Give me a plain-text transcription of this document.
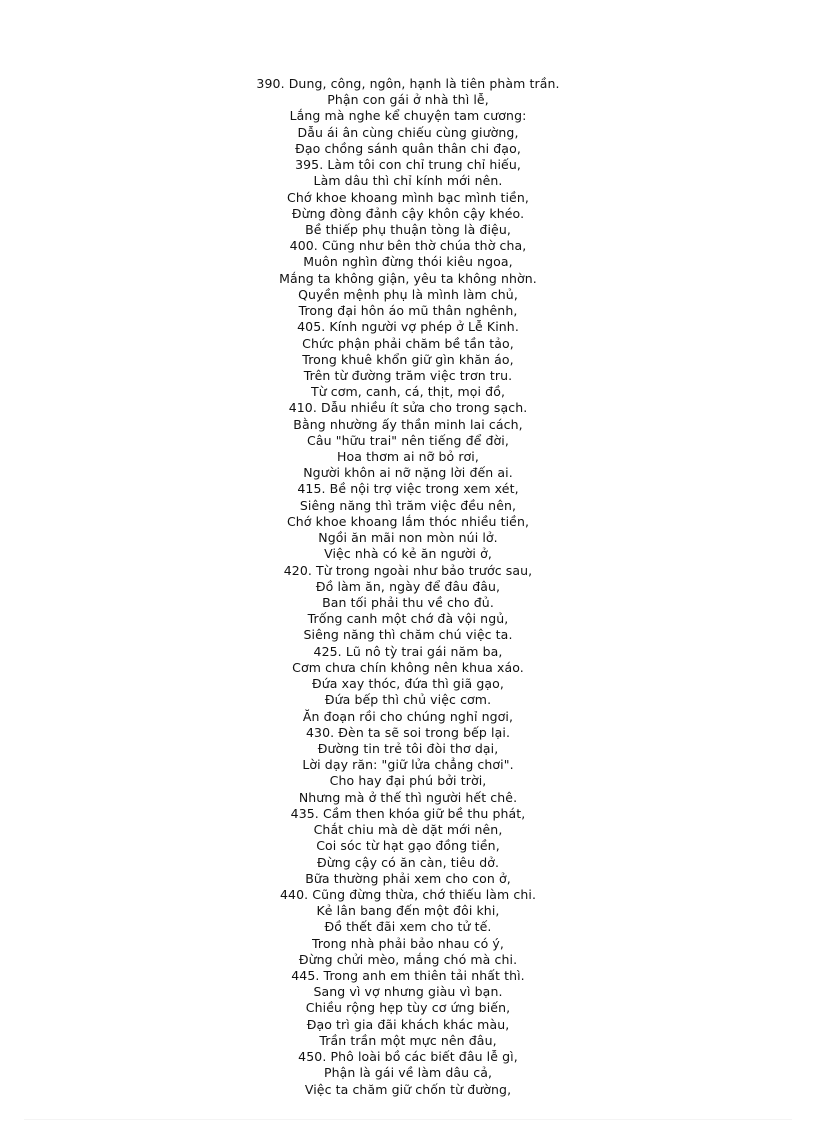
390. Dung, công, ngôn, hạnh là tiên phàm trần.
Phận con gái ở nhà thì lễ,
Lắng mà nghe kể chuyện tam cương:
Dẫu ái ân cùng chiếu cùng giường,
Đạo chồng sánh quân thân chi đạo,
395. Làm tôi con chỉ trung chỉ hiếu,
Làm dâu thì chỉ kính mới nên.
Chớ khoe khoang mình bạc mình tiền,
Đừng đòng đảnh cậy khôn cậy khéo.
Bề thiếp phụ thuận tòng là điệu,
400. Cũng như bên thờ chúa thờ cha,
Muôn nghìn đừng thói kiêu ngoa,
Mắng ta không giận, yêu ta không nhờn.
Quyền mệnh phụ là mình làm chủ,
Trong đại hôn áo mũ thân nghênh,
405. Kính người vợ phép ở Lễ Kinh.
Chức phận phải chăm bề tần tảo,
Trong khuê khổn giữ gìn khăn áo,
Trên từ đường trăm việc trơn tru.
Từ cơm, canh, cá, thịt, mọi đồ,
410. Dẫu nhiều ít sửa cho trong sạch.
Bằng nhường ấy thần minh lai cách,
Câu "hữu trai" nên tiếng để đời,
Hoa thơm ai nỡ bỏ rơi,
Người khôn ai nỡ nặng lời đến ai.
415. Bề nội trợ việc trong xem xét,
Siêng năng thì trăm việc đều nên,
Chớ khoe khoang lắm thóc nhiều tiền,
Ngồi ăn mãi non mòn núi lở.
Việc nhà có kẻ ăn người ở,
420. Từ trong ngoài như bảo trước sau,
Đồ làm ăn, ngày để đâu đâu,
Ban tối phải thu về cho đủ.
Trống canh một chớ đà vội ngủ,
Siêng năng thì chăm chú việc ta.
425. Lũ nô tỳ trai gái năm ba,
Cơm chưa chín không nên khua xáo.
Đứa xay thóc, đứa thì giã gạo,
Đứa bếp thì chủ việc cơm.
Ăn đoạn rồi cho chúng nghỉ ngơi,
430. Đèn ta sẽ soi trong bếp lại.
Đường tin trẻ tôi đòi thơ dại,
Lời dạy răn: "giữ lửa chẳng chơi".
Cho hay đại phú bởi trời,
Nhưng mà ở thế thì người hết chê.
435. Cầm then khóa giữ bề thu phát,
Chắt chiu mà dè dặt mới nên,
Coi sóc từ hạt gạo đồng tiền,
Đừng cậy có ăn càn, tiêu dở.
Bữa thường phải xem cho con ở,
440. Cũng đừng thừa, chớ thiếu làm chi.
Kẻ lân bang đến một đôi khi,
Đồ thết đãi xem cho tử tế.
Trong nhà phải bảo nhau có ý,
Đừng chửi mèo, mắng chó mà chi.
445. Trong anh em thiên tải nhất thì.
Sang vì vợ nhưng giàu vì bạn.
Chiều rộng hẹp tùy cơ ứng biến,
Đạo trì gia đãi khách khác màu,
Trần trần một mực nên đâu,
450. Phô loài bồ các biết đâu lễ gì,
Phận là gái về làm dâu cả,
Việc ta chăm giữ chốn từ đường,
